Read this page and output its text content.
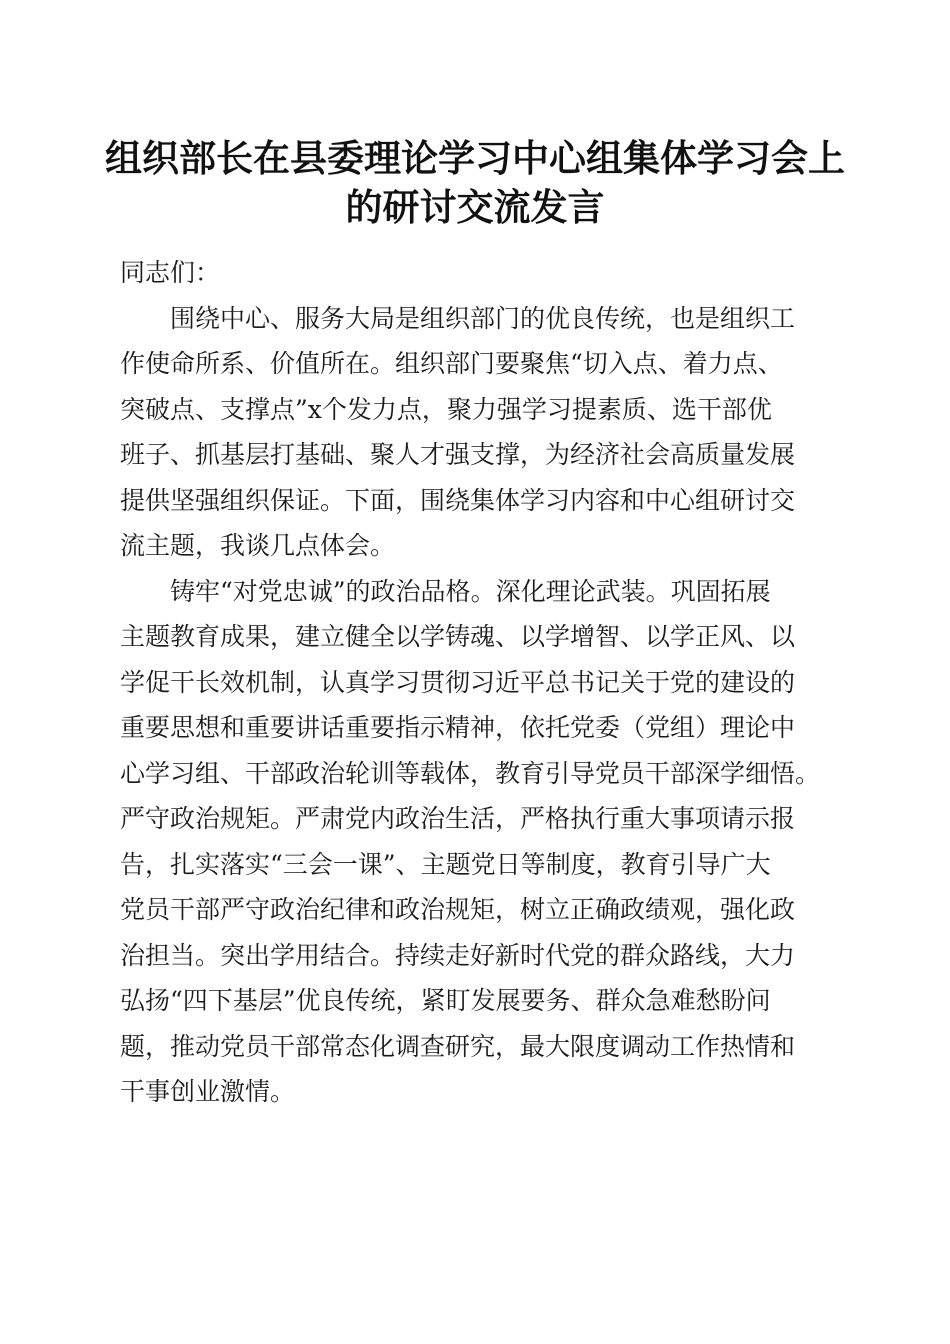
组织部长在县委理论学习中心组集体学习会上
的研讨交流发言
同志们：
围绕中心、服务大局是组织部门的优良传统，也是组织工
作使命所系、价值所在。组织部门要聚焦“切入点、着力点、
突破点、支撑点”x个发力点，聚力强学习提素质、选干部优
班子、抓基层打基础、聚人才强支撑，为经济社会高质量发展
提供坚强组织保证。下面，围绕集体学习内容和中心组研讨交
流主题，我谈几点体会。
铸牢“对党忠诚”的政治品格。深化理论武装。巩固拓展
主题教育成果，建立健全以学铸魂、以学增智、以学正风、以
学促干长效机制，认真学习贯彻习近平总书记关于党的建设的
重要思想和重要讲话重要指示精神，依托党委（党组）理论中
心学习组、干部政治轮训等载体，教育引导党员干部深学细悟。
严守政治规矩。严肃党内政治生活，严格执行重大事项请示报
告，扎实落实“三会一课”、主题党日等制度，教育引导广大
党员干部严守政治纪律和政治规矩，树立正确政绩观，强化政
治担当。突出学用结合。持续走好新时代党的群众路线，大力
弘扬“四下基层”优良传统，紧盯发展要务、群众急难愁盼问
题，推动党员干部常态化调查研究，最大限度调动工作热情和
干事创业激情。
